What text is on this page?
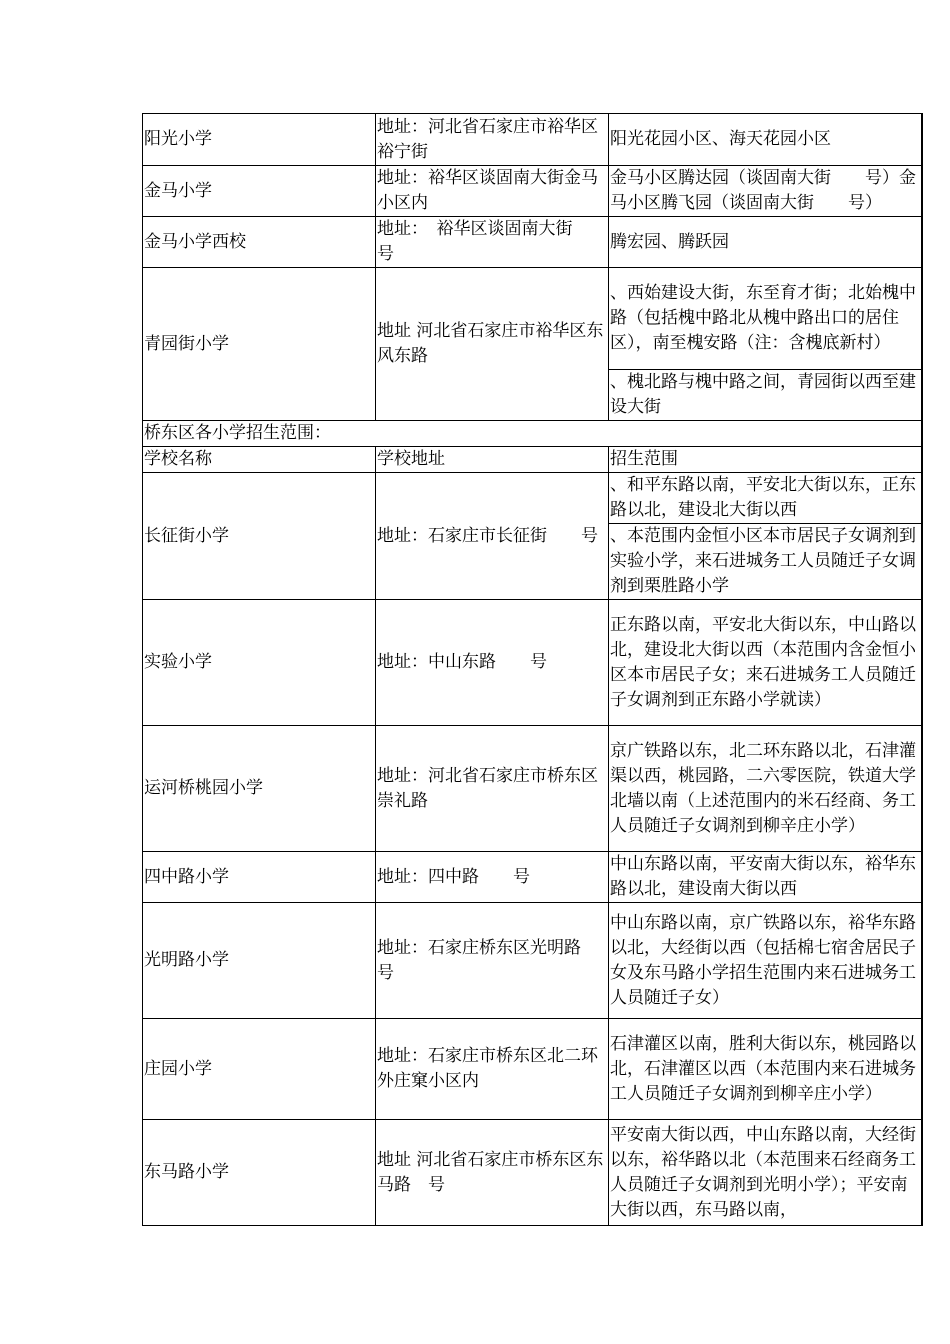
阳光小学	地址：河北省石家庄市裕华区裕宁街	阳光花园小区、海天花园小区
金马小学	地址：裕华区谈固南大街金马小区内	金马小区腾达园（谈固南大街　　号）金马小区腾飞园（谈固南大街　　号）
金马小学西校	地址：　裕华区谈固南大街　　号	腾宏园、腾跃园
青园街小学	地址 河北省石家庄市裕华区东风东路	、西始建设大街，东至育才街；北始槐中路（包括槐中路北从槐中路出口的居住区），南至槐安路（注：含槐底新村）
		、槐北路与槐中路之间，青园街以西至建设大街
桥东区各小学招生范围：		
学校名称	学校地址	招生范围
长征街小学	地址：石家庄市长征街　　号	、和平东路以南，平安北大街以东，正东路以北，建设北大街以西
		、本范围内金恒小区本市居民子女调剂到实验小学，来石进城务工人员随迁子女调剂到栗胜路小学
实验小学	地址：中山东路　　号	正东路以南，平安北大街以东，中山路以北，建设北大街以西（本范围内含金恒小区本市居民子女；来石进城务工人员随迁子女调剂到正东路小学就读）
运河桥桃园小学	地址：河北省石家庄市桥东区崇礼路	京广铁路以东，北二环东路以北，石津灌渠以西，桃园路，二六零医院，铁道大学北墙以南（上述范围内的米石经商、务工人员随迁子女调剂到柳辛庄小学）
四中路小学	地址：四中路　　号	中山东路以南，平安南大街以东，裕华东路以北，建设南大街以西
光明路小学	地址：石家庄桥东区光明路　　号	中山东路以南，京广铁路以东，裕华东路以北，大经街以西（包括棉七宿舍居民子女及东马路小学招生范围内来石进城务工人员随迁子女）
庄园小学	地址：石家庄市桥东区北二环外庄窠小区内	石津灌区以南，胜利大街以东，桃园路以北，石津灌区以西（本范围内来石进城务工人员随迁子女调剂到柳辛庄小学）
东马路小学	地址 河北省石家庄市桥东区东马路　号	平安南大街以西，中山东路以南，大经街以东，裕华路以北（本范围来石经商务工人员随迁子女调剂到光明小学）；平安南大街以西，东马路以南，
